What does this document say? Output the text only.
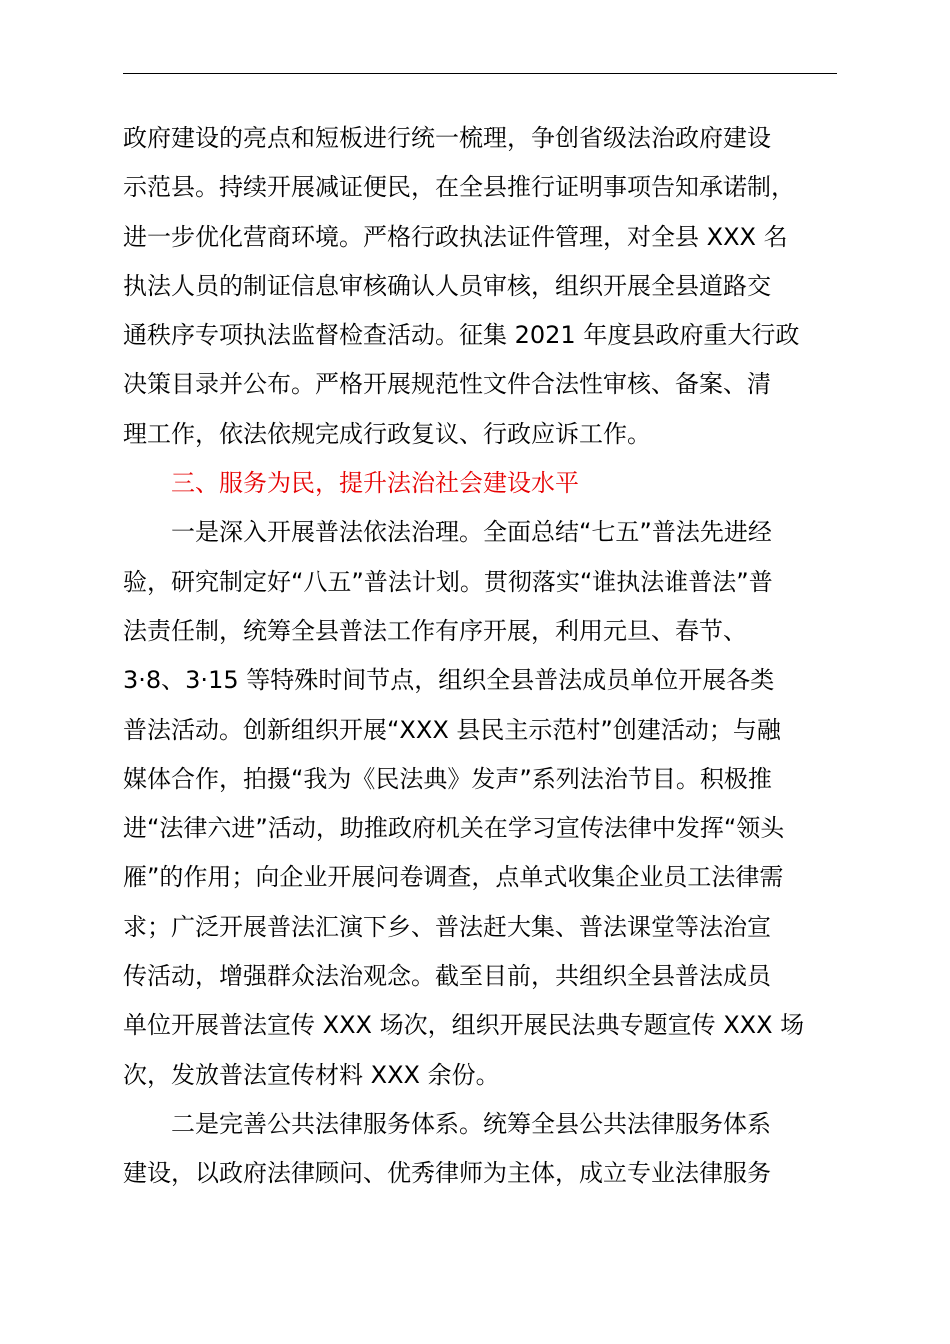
政府建设的亮点和短板进行统一梳理，争创省级法治政府建设
示范县。持续开展减证便民，在全县推行证明事项告知承诺制，
进一步优化营商环境。严格行政执法证件管理，对全县 XXX 名
执法人员的制证信息审核确认人员审核，组织开展全县道路交
通秩序专项执法监督检查活动。征集 2021 年度县政府重大行政
决策目录并公布。严格开展规范性文件合法性审核、备案、清
理工作，依法依规完成行政复议、行政应诉工作。
三、服务为民，提升法治社会建设水平
一是深入开展普法依法治理。全面总结“七五”普法先进经
验，研究制定好“八五”普法计划。贯彻落实“谁执法谁普法”普
法责任制，统筹全县普法工作有序开展，利用元旦、春节、
3·8、3·15 等特殊时间节点，组织全县普法成员单位开展各类
普法活动。创新组织开展“XXX 县民主示范村”创建活动；与融
媒体合作，拍摄“我为《民法典》发声”系列法治节目。积极推
进“法律六进”活动，助推政府机关在学习宣传法律中发挥“领头
雁”的作用；向企业开展问卷调查，点单式收集企业员工法律需
求；广泛开展普法汇演下乡、普法赶大集、普法课堂等法治宣
传活动，增强群众法治观念。截至目前，共组织全县普法成员
单位开展普法宣传 XXX 场次，组织开展民法典专题宣传 XXX 场
次，发放普法宣传材料 XXX 余份。
二是完善公共法律服务体系。统筹全县公共法律服务体系
建设，以政府法律顾问、优秀律师为主体，成立专业法律服务
